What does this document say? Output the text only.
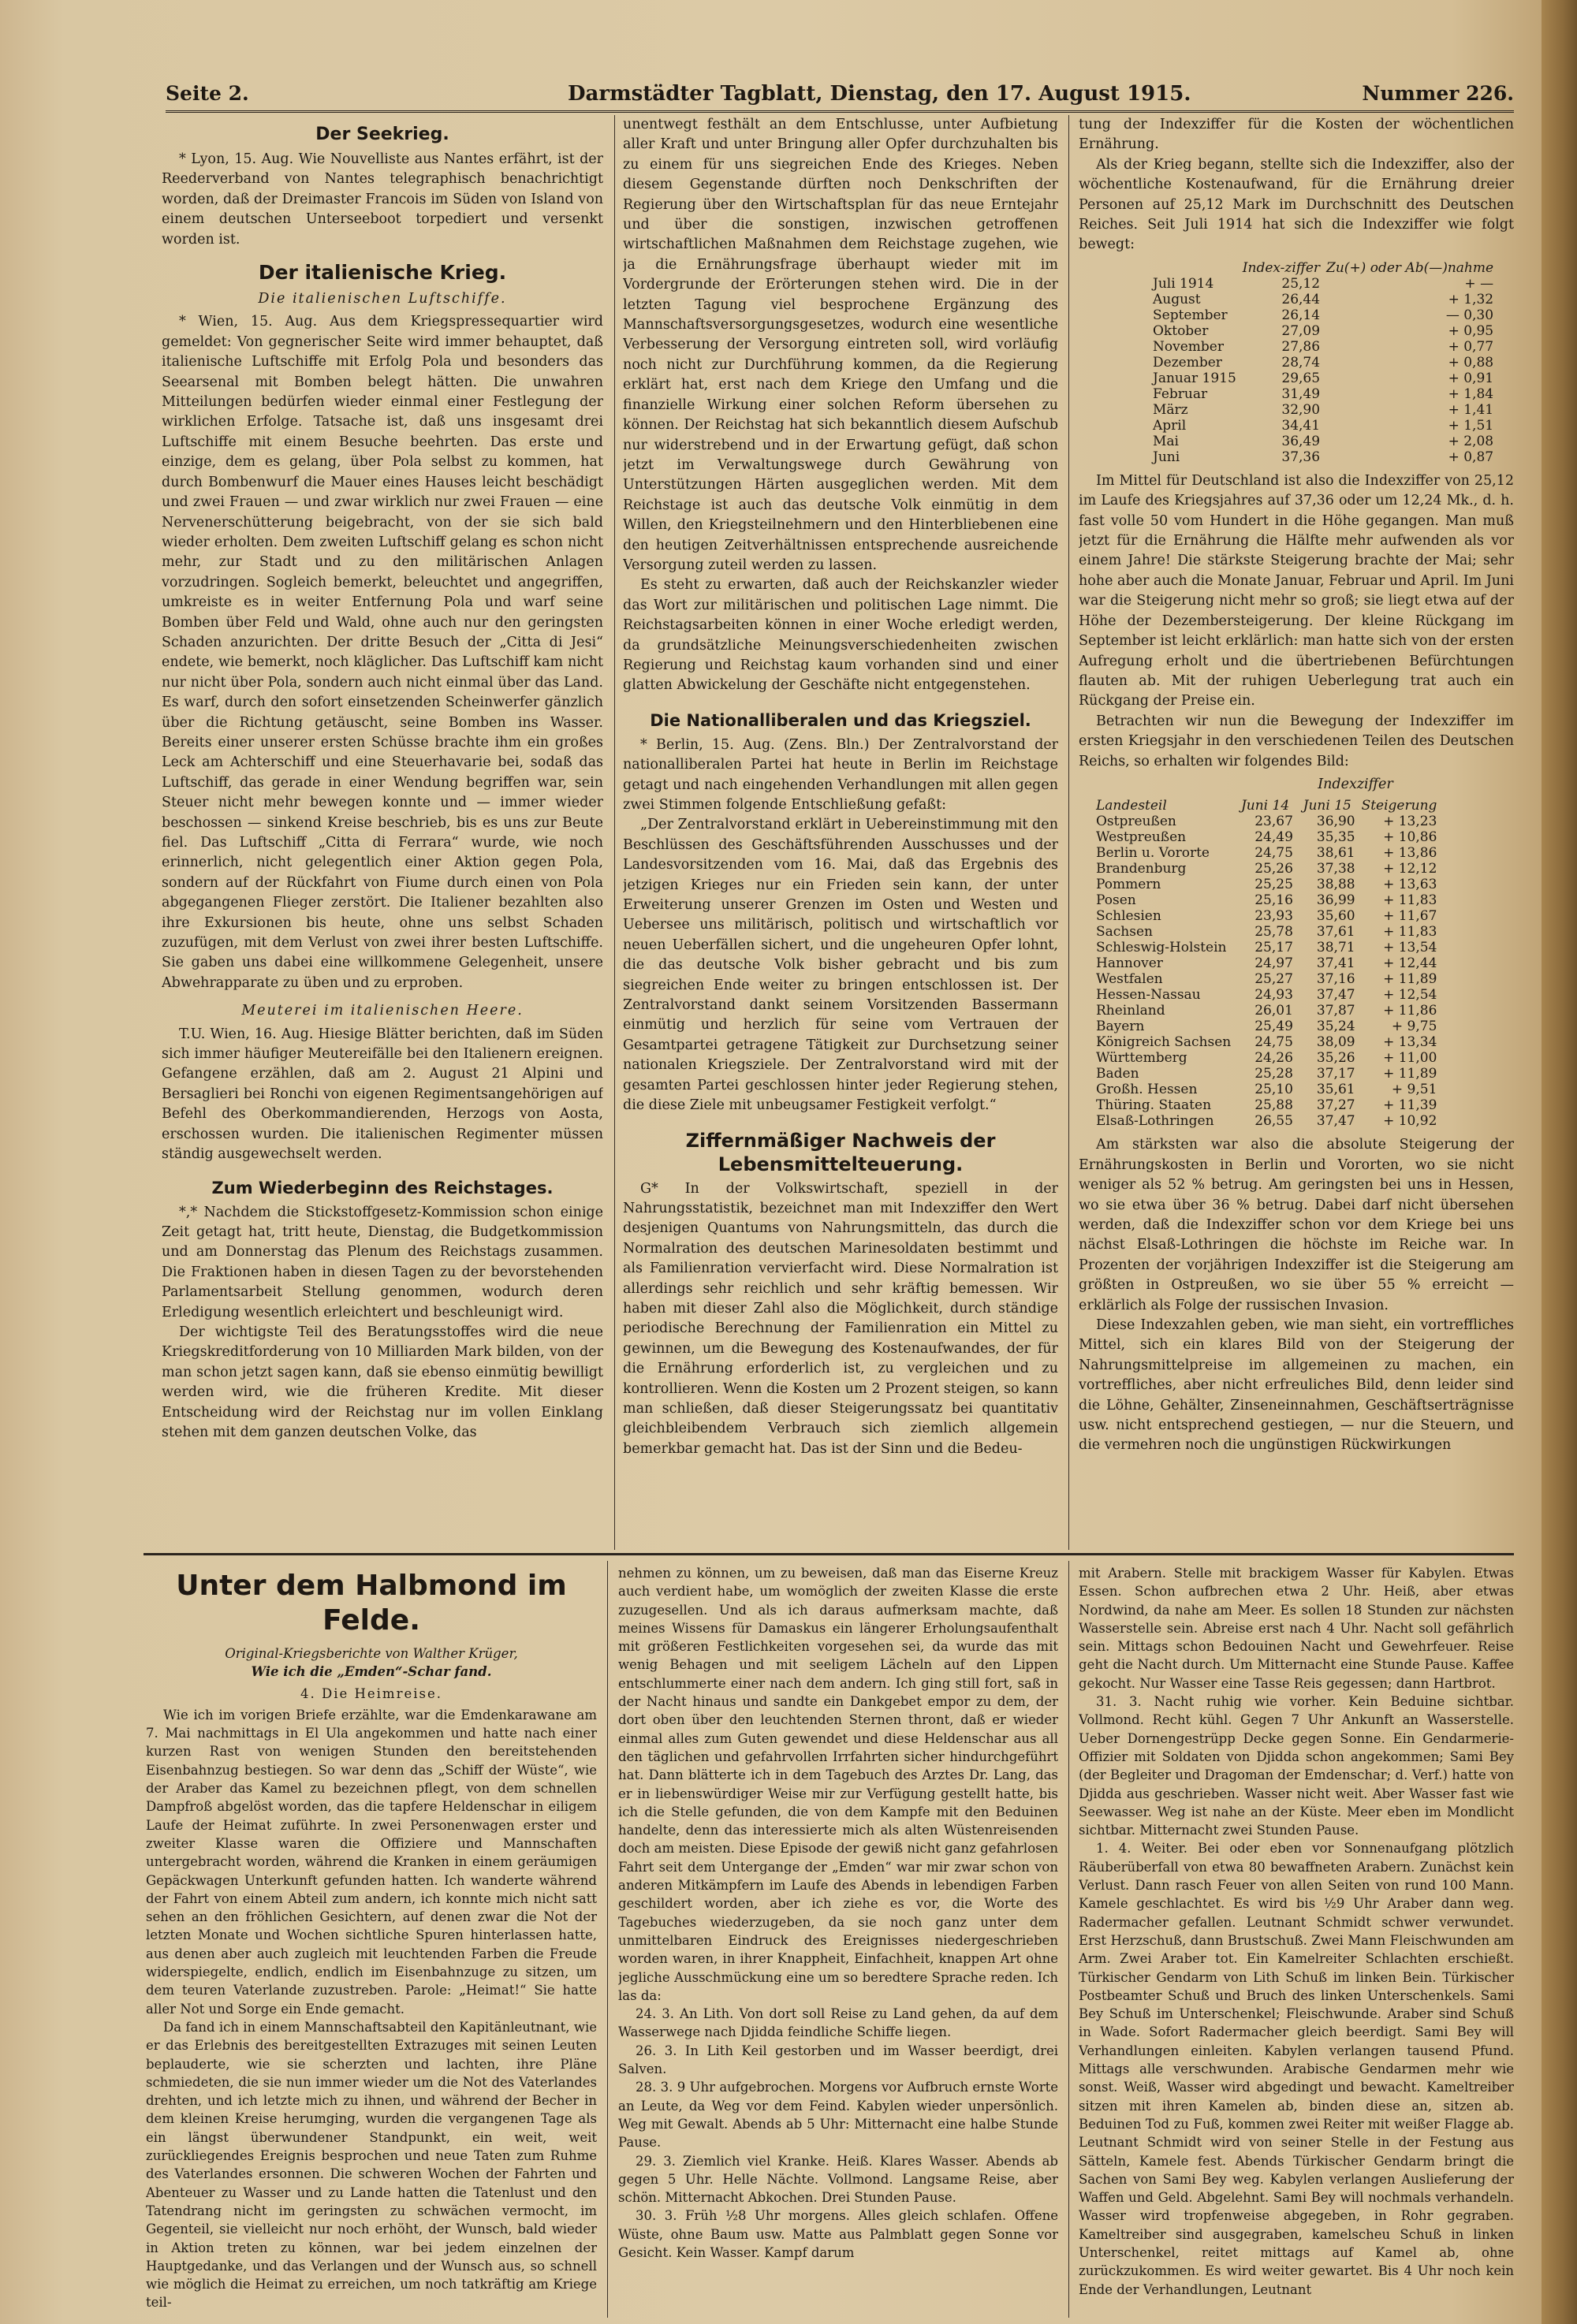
Seite 2.	Darmstädter Tagblatt, Dienstag, den 17. August 1915.	Nummer 226.
Der Seekrieg.

* Lyon, 15. Aug. Wie Nouvelliste aus Nantes erfährt, ist der Reederverband von Nantes telegraphisch benachrichtigt worden, daß der Dreimaster Francois im Süden von Island von einem deutschen Unterseeboot torpediert und versenkt worden ist.

Der italienische Krieg.
Die italienischen Luftschiffe.

* Wien, 15. Aug. Aus dem Kriegspressequartier wird gemeldet: Von gegnerischer Seite wird immer behauptet, daß italienische Luftschiffe mit Erfolg Pola und besonders das Seearsenal mit Bomben belegt hätten. Die unwahren Mitteilungen bedürfen wieder einmal einer Festlegung der wirklichen Erfolge. Tatsache ist, daß uns insgesamt drei Luftschiffe mit einem Besuche beehrten. Das erste und einzige, dem es gelang, über Pola selbst zu kommen, hat durch Bombenwurf die Mauer eines Hauses leicht beschädigt und zwei Frauen — und zwar wirklich nur zwei Frauen — eine Nervenerschütterung beigebracht, von der sie sich bald wieder erholten. Dem zweiten Luftschiff gelang es schon nicht mehr, zur Stadt und zu den militärischen Anlagen vorzudringen. Sogleich bemerkt, beleuchtet und angegriffen, umkreiste es in weiter Entfernung Pola und warf seine Bomben über Feld und Wald, ohne auch nur den geringsten Schaden anzurichten. Der dritte Besuch der „Citta di Jesi“ endete, wie bemerkt, noch kläglicher. Das Luftschiff kam nicht nur nicht über Pola, sondern auch nicht einmal über das Land. Es warf, durch den sofort einsetzenden Scheinwerfer gänzlich über die Richtung getäuscht, seine Bomben ins Wasser. Bereits einer unserer ersten Schüsse brachte ihm ein großes Leck am Achterschiff und eine Steuerhavarie bei, sodaß das Luftschiff, das gerade in einer Wendung begriffen war, sein Steuer nicht mehr bewegen konnte und — immer wieder beschossen — sinkend Kreise beschrieb, bis es uns zur Beute fiel. Das Luftschiff „Citta di Ferrara“ wurde, wie noch erinnerlich, nicht gelegentlich einer Aktion gegen Pola, sondern auf der Rückfahrt von Fiume durch einen von Pola abgegangenen Flieger zerstört. Die Italiener bezahlten also ihre Exkursionen bis heute, ohne uns selbst Schaden zuzufügen, mit dem Verlust von zwei ihrer besten Luftschiffe. Sie gaben uns dabei eine willkommene Gelegenheit, unsere Abwehrapparate zu üben und zu erproben.

Meuterei im italienischen Heere.

T.U. Wien, 16. Aug. Hiesige Blätter berichten, daß im Süden sich immer häufiger Meutereifälle bei den Italienern ereignen. Gefangene erzählen, daß am 2. August 21 Alpini und Bersaglieri bei Ronchi von eigenen Regimentsangehörigen auf Befehl des Oberkommandierenden, Herzogs von Aosta, erschossen wurden. Die italienischen Regimenter müssen ständig ausgewechselt werden.

Zum Wiederbeginn des Reichstages.

*,* Nachdem die Stickstoffgesetz-Kommission schon einige Zeit getagt hat, tritt heute, Dienstag, die Budgetkommission und am Donnerstag das Plenum des Reichstags zusammen. Die Fraktionen haben in diesen Tagen zu der bevorstehenden Parlamentsarbeit Stellung genommen, wodurch deren Erledigung wesentlich erleichtert und beschleunigt wird.

Der wichtigste Teil des Beratungsstoffes wird die neue Kriegskreditforderung von 10 Milliarden Mark bilden, von der man schon jetzt sagen kann, daß sie ebenso einmütig bewilligt werden wird, wie die früheren Kredite. Mit dieser Entscheidung wird der Reichstag nur im vollen Einklang stehen mit dem ganzen deutschen Volke, das

unentwegt festhält an dem Entschlusse, unter Aufbietung aller Kraft und unter Bringung aller Opfer durchzuhalten bis zu einem für uns siegreichen Ende des Krieges. Neben diesem Gegenstande dürften noch Denkschriften der Regierung über den Wirtschaftsplan für das neue Erntejahr und über die sonstigen, inzwischen getroffenen wirtschaftlichen Maßnahmen dem Reichstage zugehen, wie ja die Ernährungsfrage überhaupt wieder mit im Vordergrunde der Erörterungen stehen wird. Die in der letzten Tagung viel besprochene Ergänzung des Mannschaftsversorgungsgesetzes, wodurch eine wesentliche Verbesserung der Versorgung eintreten soll, wird vorläufig noch nicht zur Durchführung kommen, da die Regierung erklärt hat, erst nach dem Kriege den Umfang und die finanzielle Wirkung einer solchen Reform übersehen zu können. Der Reichstag hat sich bekanntlich diesem Aufschub nur widerstrebend und in der Erwartung gefügt, daß schon jetzt im Verwaltungswege durch Gewährung von Unterstützungen Härten ausgeglichen werden. Mit dem Reichstage ist auch das deutsche Volk einmütig in dem Willen, den Kriegsteilnehmern und den Hinterbliebenen eine den heutigen Zeitverhältnissen entsprechende ausreichende Versorgung zuteil werden zu lassen.

Es steht zu erwarten, daß auch der Reichskanzler wieder das Wort zur militärischen und politischen Lage nimmt. Die Reichstagsarbeiten können in einer Woche erledigt werden, da grundsätzliche Meinungsverschiedenheiten zwischen Regierung und Reichstag kaum vorhanden sind und einer glatten Abwickelung der Geschäfte nicht entgegenstehen.

Die Nationalliberalen und das Kriegsziel.

* Berlin, 15. Aug. (Zens. Bln.) Der Zentralvorstand der nationalliberalen Partei hat heute in Berlin im Reichstage getagt und nach eingehenden Verhandlungen mit allen gegen zwei Stimmen folgende Entschließung gefaßt:

„Der Zentralvorstand erklärt in Uebereinstimmung mit den Beschlüssen des Geschäftsführenden Ausschusses und der Landesvorsitzenden vom 16. Mai, daß das Ergebnis des jetzigen Krieges nur ein Frieden sein kann, der unter Erweiterung unserer Grenzen im Osten und Westen und Ueberseе uns militärisch, politisch und wirtschaftlich vor neuen Ueberfällen sichert, und die ungeheuren Opfer lohnt, die das deutsche Volk bisher gebracht und bis zum siegreichen Ende weiter zu bringen entschlossen ist. Der Zentralvorstand dankt seinem Vorsitzenden Bassermann einmütig und herzlich für seine vom Vertrauen der Gesamtpartei getragene Tätigkeit zur Durchsetzung seiner nationalen Kriegsziele. Der Zentralvorstand wird mit der gesamten Partei geschlossen hinter jeder Regierung stehen, die diese Ziele mit unbeugsamer Festigkeit verfolgt.“

Ziffernmäßiger Nachweis der Lebensmittelteuerung.

G* In der Volkswirtschaft, speziell in der Nahrungsstatistik, bezeichnet man mit Indexziffer den Wert desjenigen Quantums von Nahrungsmitteln, das durch die Normalration des deutschen Marinesoldaten bestimmt und als Familienration vervierfacht wird. Diese Normalration ist allerdings sehr reichlich und sehr kräftig bemessen. Wir haben mit dieser Zahl also die Möglichkeit, durch ständige periodische Berechnung der Familienration ein Mittel zu gewinnen, um die Bewegung des Kostenaufwandes, der für die Ernährung erforderlich ist, zu vergleichen und zu kontrollieren. Wenn die Kosten um 2 Prozent steigen, so kann man schließen, daß dieser Steigerungssatz bei quantitativ gleichbleibendem Verbrauch sich ziemlich allgemein bemerkbar gemacht hat. Das ist der Sinn und die Bedeu-

tung der Indexziffer für die Kosten der wöchentlichen Ernährung.

Als der Krieg begann, stellte sich die Indexziffer, also der wöchentliche Kostenaufwand, für die Ernährung dreier Personen auf 25,12 Mark im Durchschnitt des Deutschen Reiches. Seit Juli 1914 hat sich die Indexziffer wie folgt bewegt:

	Index-ziffer	Zu(+) oder Ab(—)nahme
Juli 1914	25,12	+ —
August	26,44	+ 1,32
September	26,14	— 0,30
Oktober	27,09	+ 0,95
November	27,86	+ 0,77
Dezember	28,74	+ 0,88
Januar 1915	29,65	+ 0,91
Februar	31,49	+ 1,84
März	32,90	+ 1,41
April	34,41	+ 1,51
Mai	36,49	+ 2,08
Juni	37,36	+ 0,87

Im Mittel für Deutschland ist also die Indexziffer von 25,12 im Laufe des Kriegsjahres auf 37,36 oder um 12,24 Mk., d. h. fast volle 50 vom Hundert in die Höhe gegangen. Man muß jetzt für die Ernährung die Hälfte mehr aufwenden als vor einem Jahre! Die stärkste Steigerung brachte der Mai; sehr hohe aber auch die Monate Januar, Februar und April. Im Juni war die Steigerung nicht mehr so groß; sie liegt etwa auf der Höhe der Dezembersteigerung. Der kleine Rückgang im September ist leicht erklärlich: man hatte sich von der ersten Aufregung erholt und die übertriebenen Befürchtungen flauten ab. Mit der ruhigen Ueberlegung trat auch ein Rückgang der Preise ein.

Betrachten wir nun die Bewegung der Indexziffer im ersten Kriegsjahr in den verschiedenen Teilen des Deutschen Reichs, so erhalten wir folgendes Bild:

Indexziffer
Landesteil	Juni 14	Juni 15	Steigerung
Ostpreußen	23,67	36,90	+ 13,23
Westpreußen	24,49	35,35	+ 10,86
Berlin u. Vororte	24,75	38,61	+ 13,86
Brandenburg	25,26	37,38	+ 12,12
Pommern	25,25	38,88	+ 13,63
Posen	25,16	36,99	+ 11,83
Schlesien	23,93	35,60	+ 11,67
Sachsen	25,78	37,61	+ 11,83
Schleswig-Holstein	25,17	38,71	+ 13,54
Hannover	24,97	37,41	+ 12,44
Westfalen	25,27	37,16	+ 11,89
Hessen-Nassau	24,93	37,47	+ 12,54
Rheinland	26,01	37,87	+ 11,86
Bayern	25,49	35,24	+ 9,75
Königreich Sachsen	24,75	38,09	+ 13,34
Württemberg	24,26	35,26	+ 11,00
Baden	25,28	37,17	+ 11,89
Großh. Hessen	25,10	35,61	+ 9,51
Thüring. Staaten	25,88	37,27	+ 11,39
Elsaß-Lothringen	26,55	37,47	+ 10,92

Am stärksten war also die absolute Steigerung der Ernährungskosten in Berlin und Vororten, wo sie nicht weniger als 52 % betrug. Am geringsten bei uns in Hessen, wo sie etwa über 36 % betrug. Dabei darf nicht übersehen werden, daß die Indexziffer schon vor dem Kriege bei uns nächst Elsaß-Lothringen die höchste im Reiche war. In Prozenten der vorjährigen Indexziffer ist die Steigerung am größten in Ostpreußen, wo sie über 55 % erreicht — erklärlich als Folge der russischen Invasion.

Diese Indexzahlen geben, wie man sieht, ein vortreffliches Mittel, sich ein klares Bild von der Steigerung der Nahrungsmittelpreise im allgemeinen zu machen, ein vortreffliches, aber nicht erfreuliches Bild, denn leider sind die Löhne, Gehälter, Zinseneinnahmen, Geschäftserträgnisse usw. nicht entsprechend gestiegen, — nur die Steuern, und die vermehren noch die ungünstigen Rückwirkungen

Unter dem Halbmond im Felde.
Original-Kriegsberichte von Walther Krüger,
Wie ich die „Emden“-Schar fand.
4. Die Heimreise.

Wie ich im vorigen Briefe erzählte, war die Emdenkarawane am 7. Mai nachmittags in El Ula angekommen und hatte nach einer kurzen Rast von wenigen Stunden den bereitstehenden Eisenbahnzug bestiegen. So war denn das „Schiff der Wüste“, wie der Araber das Kamel zu bezeichnen pflegt, von dem schnellen Dampfroß abgelöst worden, das die tapfere Heldenschar in eiligem Laufe der Heimat zuführte. In zwei Personenwagen erster und zweiter Klasse waren die Offiziere und Mannschaften untergebracht worden, während die Kranken in einem geräumigen Gepäckwagen Unterkunft gefunden hatten. Ich wanderte während der Fahrt von einem Abteil zum andern, ich konnte mich nicht satt sehen an den fröhlichen Gesichtern, auf denen zwar die Not der letzten Monate und Wochen sichtliche Spuren hinterlassen hatte, aus denen aber auch zugleich mit leuchtenden Farben die Freude widerspiegelte, endlich, endlich im Eisenbahnzuge zu sitzen, um dem teuren Vaterlande zuzustreben. Parole: „Heimat!“ Sie hatte aller Not und Sorge ein Ende gemacht.

Da fand ich in einem Mannschaftsabteil den Kapitänleutnant, wie er das Erlebnis des bereitgestellten Extrazuges mit seinen Leuten beplauderte, wie sie scherzten und lachten, ihre Pläne schmiedeten, die sie nun immer wieder um die Not des Vaterlandes drehten, und ich letzte mich zu ihnen, und während der Becher in dem kleinen Kreise herumging, wurden die vergangenen Tage als ein längst überwundener Standpunkt, ein weit, weit zurückliegendes Ereignis besprochen und neue Taten zum Ruhme des Vaterlandes ersonnen. Die schweren Wochen der Fahrten und Abenteuer zu Wasser und zu Lande hatten die Tatenlust und den Tatendrang nicht im geringsten zu schwächen vermocht, im Gegenteil, sie vielleicht nur noch erhöht, der Wunsch, bald wieder in Aktion treten zu können, war bei jedem einzelnen der Hauptgedanke, und das Verlangen und der Wunsch aus, so schnell wie möglich die Heimat zu erreichen, um noch tatkräftig am Kriege teil-

nehmen zu können, um zu beweisen, daß man das Eiserne Kreuz auch verdient habe, um womöglich der zweiten Klasse die erste zuzugesellen. Und als ich daraus aufmerksam machte, daß meines Wissens für Damaskus ein längerer Erholungsaufenthalt mit größeren Festlichkeiten vorgesehen sei, da wurde das mit wenig Behagen und mit seeligem Lächeln auf den Lippen entschlummerte einer nach dem andern. Ich ging still fort, saß in der Nacht hinaus und sandte ein Dankgebet empor zu dem, der dort oben über den leuchtenden Sternen thront, daß er wieder einmal alles zum Guten gewendet und diese Heldenschar aus all den täglichen und gefahrvollen Irrfahrten sicher hindurchgeführt hat. Dann blätterte ich in dem Tagebuch des Arztes Dr. Lang, das er in liebenswürdiger Weise mir zur Verfügung gestellt hatte, bis ich die Stelle gefunden, die von dem Kampfe mit den Beduinen handelte, denn das interessierte mich als alten Wüstenreisenden doch am meisten. Diese Episode der gewiß nicht ganz gefahrlosen Fahrt seit dem Untergange der „Emden“ war mir zwar schon von anderen Mitkämpfern im Laufe des Abends in lebendigen Farben geschildert worden, aber ich ziehe es vor, die Worte des Tagebuches wiederzugeben, da sie noch ganz unter dem unmittelbaren Eindruck des Ereignisses niedergeschrieben worden waren, in ihrer Knappheit, Einfachheit, knappen Art ohne jegliche Ausschmückung eine um so beredtere Sprache reden. Ich las da:

24. 3. An Lith. Von dort soll Reise zu Land gehen, da auf dem Wasserwege nach Djidda feindliche Schiffe liegen.

26. 3. In Lith Keil gestorben und im Wasser beerdigt, drei Salven.

28. 3. 9 Uhr aufgebrochen. Morgens vor Aufbruch ernste Worte an Leute, da Weg vor dem Feind. Kabylen wieder unpersönlich. Weg mit Gewalt. Abends ab 5 Uhr: Mitternacht eine halbe Stunde Pause.

29. 3. Ziemlich viel Kranke. Heiß. Klares Wasser. Abends ab gegen 5 Uhr. Helle Nächte. Vollmond. Langsame Reise, aber schön. Mitternacht Abkochen. Drei Stunden Pause.

30. 3. Früh ½8 Uhr morgens. Alles gleich schlafen. Offene Wüste, ohne Baum usw. Matte aus Palmblatt gegen Sonne vor Gesicht. Kein Wasser. Kampf darum

mit Arabern. Stelle mit brackigem Wasser für Kabylen. Etwas Essen. Schon aufbrechen etwa 2 Uhr. Heiß, aber etwas Nordwind, da nahe am Meer. Es sollen 18 Stunden zur nächsten Wasserstelle sein. Abreise erst nach 4 Uhr. Nacht soll gefährlich sein. Mittags schon Bedouinen Nacht und Gewehrfeuer. Reise geht die Nacht durch. Um Mitternacht eine Stunde Pause. Kaffee gekocht. Nur Wasser eine Tasse Reis gegessen; dann Hartbrot.

31. 3. Nacht ruhig wie vorher. Kein Beduine sichtbar. Vollmond. Recht kühl. Gegen 7 Uhr Ankunft an Wasserstelle. Ueber Dornengestrüpp Decke gegen Sonne. Ein Gendarmerie-Offizier mit Soldaten von Djidda schon angekommen; Sami Bey (der Begleiter und Dragoman der Emdenschar; d. Verf.) hatte von Djidda aus geschrieben. Wasser nicht weit. Aber Wasser fast wie Seewasser. Weg ist nahe an der Küste. Meer eben im Mondlicht sichtbar. Mitternacht zwei Stunden Pause.

1. 4. Weiter. Bei oder eben vor Sonnenaufgang plötzlich Räuberüberfall von etwa 80 bewaffneten Arabern. Zunächst kein Verlust. Dann rasch Feuer von allen Seiten von rund 100 Mann. Kamele geschlachtet. Es wird bis ½9 Uhr Araber dann weg. Radermacher gefallen. Leutnant Schmidt schwer verwundet. Erst Herzschuß, dann Brustschuß. Zwei Mann Fleischwunden am Arm. Zwei Araber tot. Ein Kamelreiter Schlachten erschießt. Türkischer Gendarm von Lith Schuß im linken Bein. Türkischer Postbeamter Schuß und Bruch des linken Unterschenkels. Sami Bey Schuß im Unterschenkel; Fleischwunde. Araber sind Schuß in Wade. Sofort Radermacher gleich beerdigt. Sami Bey will Verhandlungen einleiten. Kabylen verlangen tausend Pfund. Mittags alle verschwunden. Arabische Gendarmen mehr wie sonst. Weiß, Wasser wird abgedingt und bewacht. Kameltreiber sitzen mit ihren Kamelen ab, binden diese an, sitzen ab. Beduinen Tod zu Fuß, kommen zwei Reiter mit weißer Flagge ab. Leutnant Schmidt wird von seiner Stelle in der Festung aus Sätteln, Kamele fest. Abends Türkischer Gendarm bringt die Sachen von Sami Bey weg. Kabylen verlangen Auslieferung der Waffen und Geld. Abgelehnt. Sami Bey will nochmals verhandeln. Wasser wird tropfenweise abgegeben, in Rohr gegraben. Kameltreiber sind ausgegraben, kamelscheu Schuß in linken Unterschenkel, reitet mittags auf Kamel ab, ohne zurückzukommen. Es wird weiter gewartet. Bis 4 Uhr noch kein Ende der Verhandlungen, Leutnant
